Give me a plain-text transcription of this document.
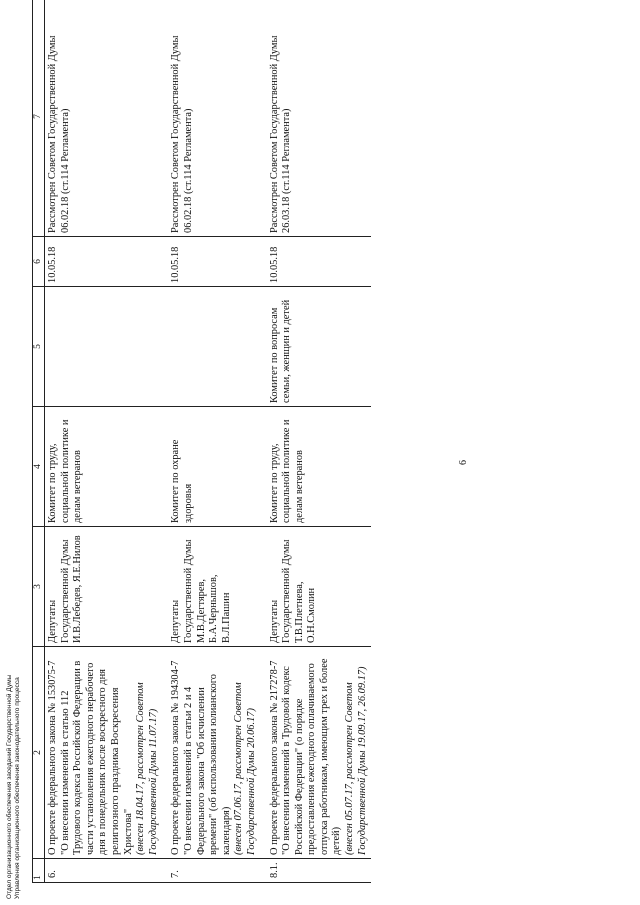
6
1	2	3	4	5	6	7
6.	О проекте федерального закона № 153075-7 "О внесении изменений в статью 112 Трудового кодекса Российской Федерации в части установления ежегодного нерабочего дня в понедельник после воскресного дня религиозного праздника Воскресения Христова" (внесен 18.04.17, рассмотрен Советом Государственной Думы 11.07.17)	Депутаты Государственной Думы И.В.Лебедев, Я.Е.Нилов	Комитет по труду, социальной политике и делам ветеранов		10.05.18	Рассмотрен Советом Государственной Думы 06.02.18 (ст.114 Регламента)
7.	О проекте федерального закона № 194304-7 "О внесении изменений в статьи 2 и 4 Федерального закона "Об исчислении времени" (об использовании юлианского календаря) (внесен 07.06.17, рассмотрен Советом Государственной Думы 20.06.17)	Депутаты Государственной Думы М.В.Дегтярев, Б.А.Чернышов, В.Л.Пашин	Комитет по охране здоровья		10.05.18	Рассмотрен Советом Государственной Думы 06.02.18 (ст.114 Регламента)
8.1.	О проекте федерального закона № 217278-7 "О внесении изменений в Трудовой кодекс Российской Федерации" (о порядке предоставления ежегодного оплачиваемого отпуска работникам, имеющим трех и более детей) (внесен 05.07.17, рассмотрен Советом Государственной Думы 19.09.17, 26.09.17)	Депутаты Государственной Думы Т.В.Плетнева, О.Н.Смолин	Комитет по труду, социальной политике и делам ветеранов	Комитет по вопросам семьи, женщин и детей	10.05.18	Рассмотрен Советом Государственной Думы 26.03.18 (ст.114 Регламента)
Отдел организационного обеспечения заседаний Государственной Думы Управления организационного обеспечения законодательного процесса
